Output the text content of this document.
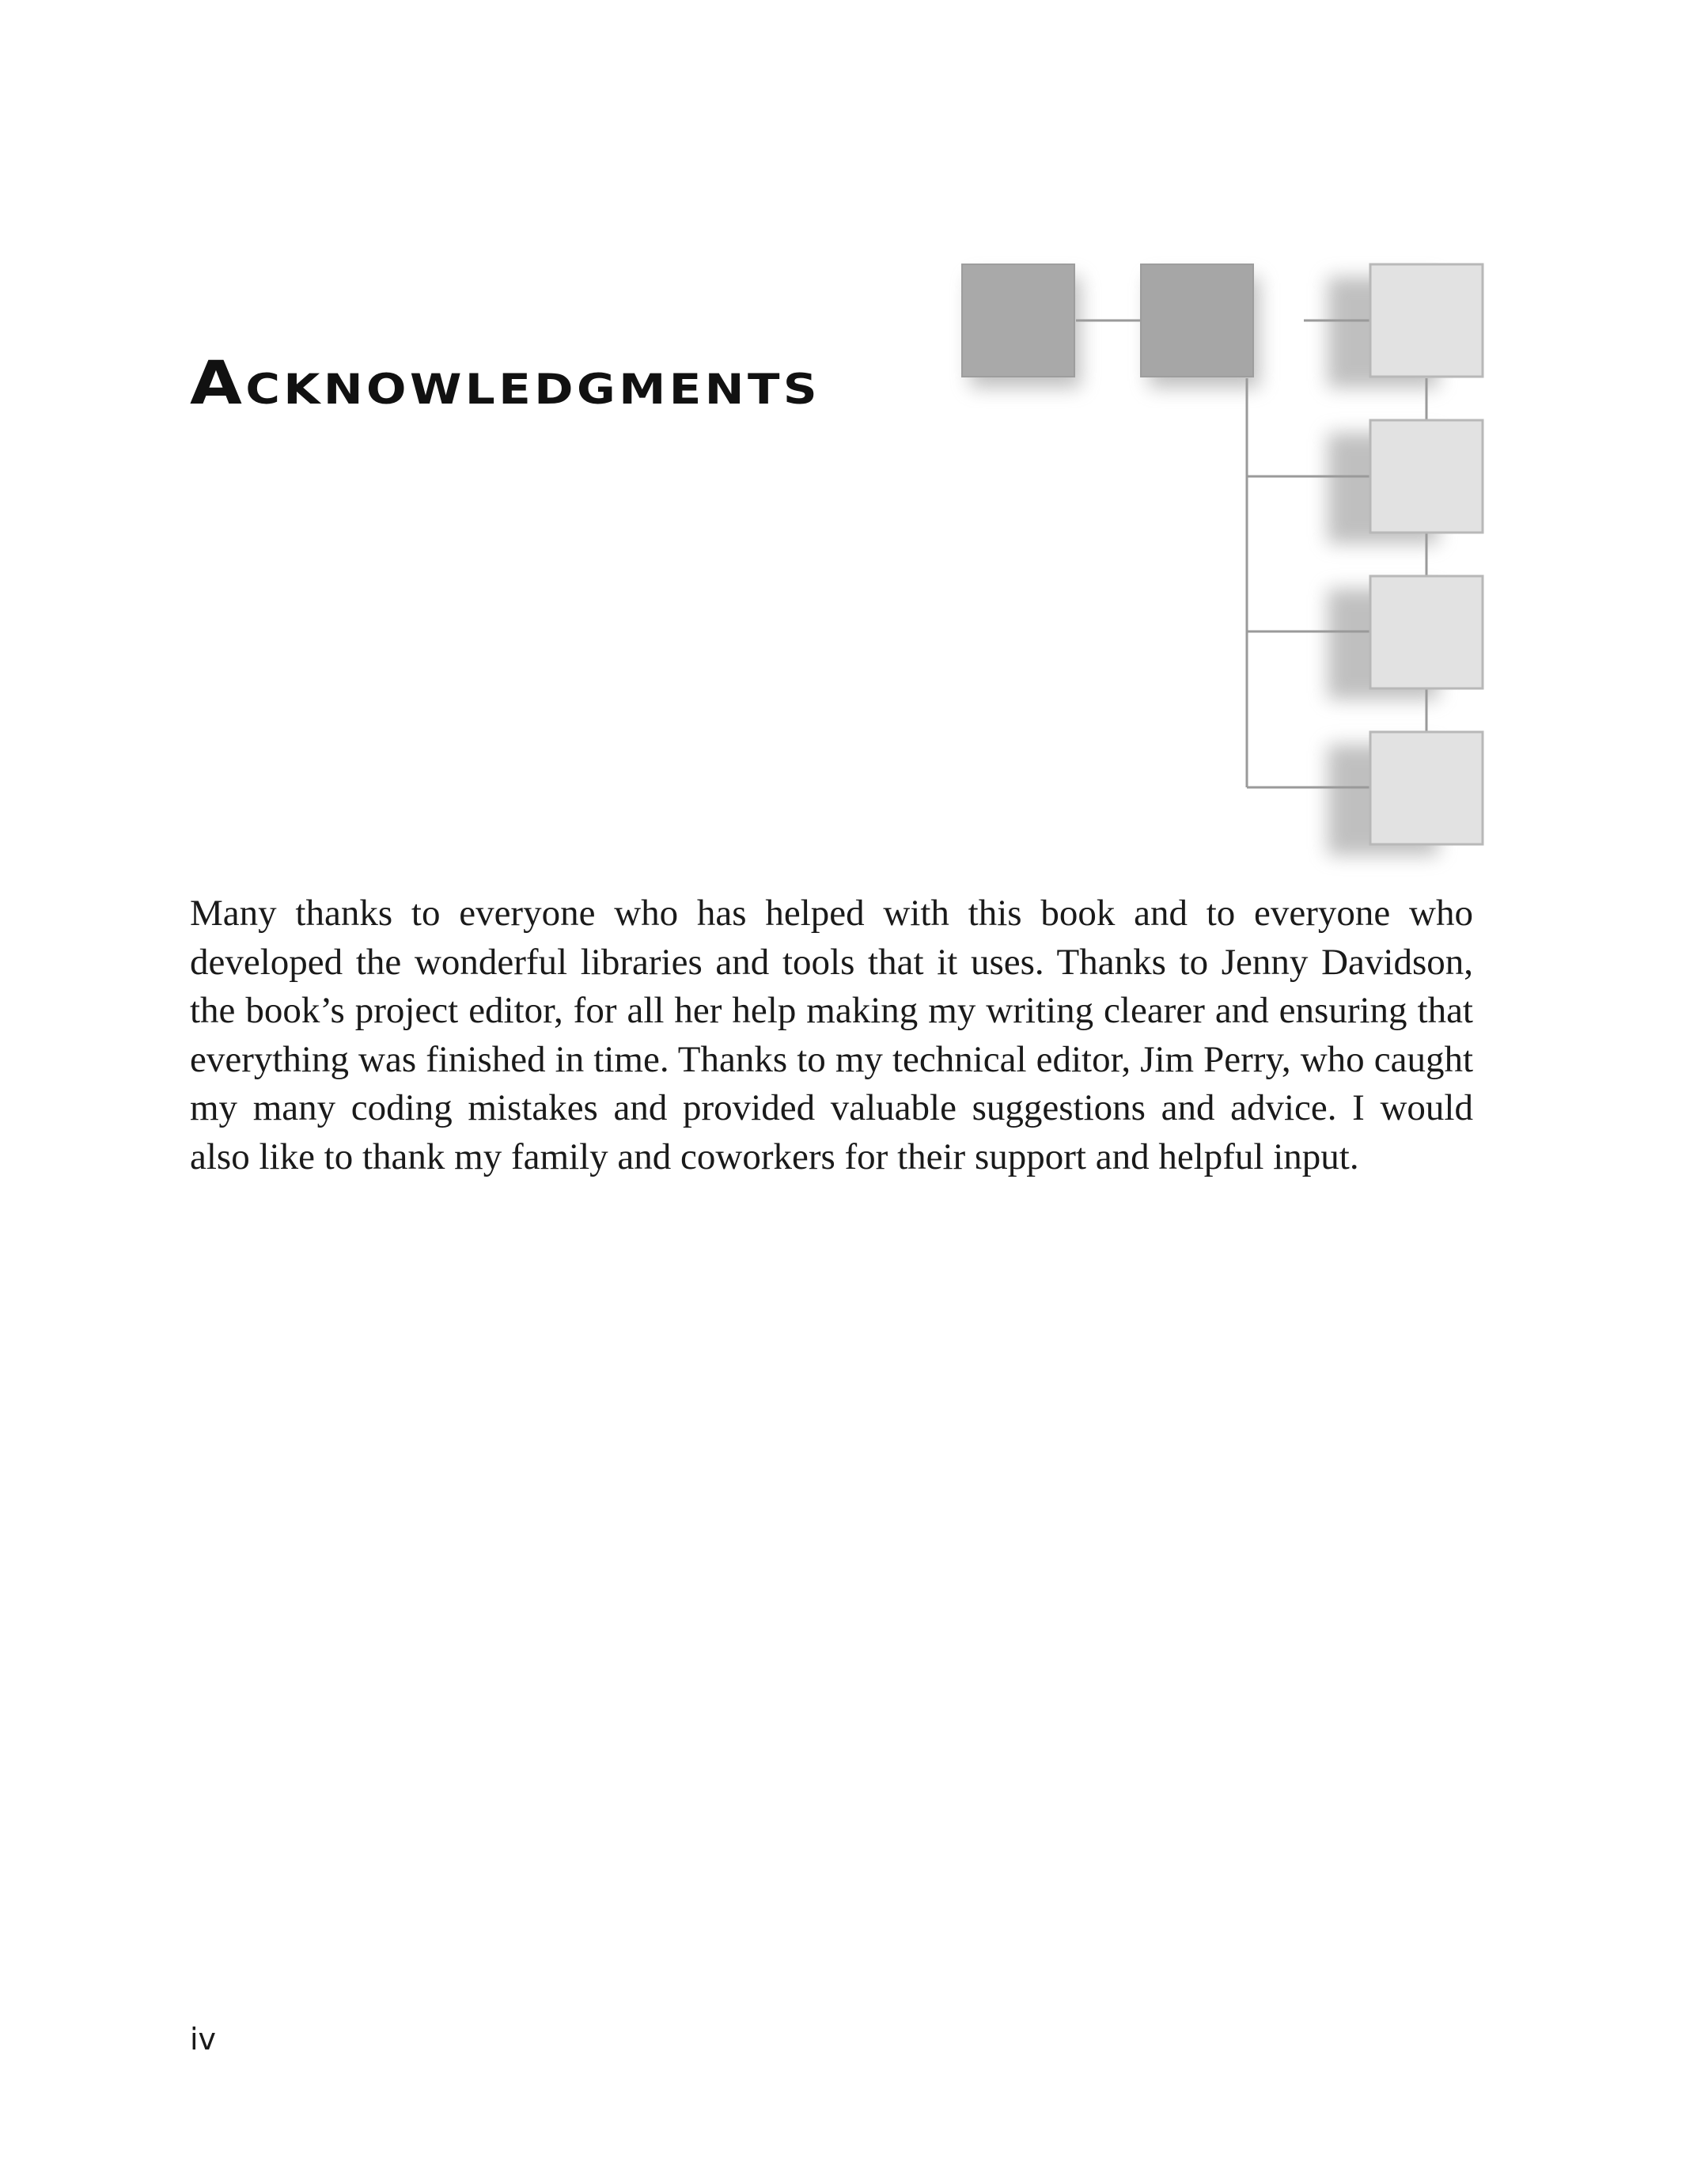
Acknowledgments

Many thanks to everyone who has helped with this book and to everyone who developed the wonderful libraries and tools that it uses. Thanks to Jenny Davidson, the book’s project editor, for all her help making my writing clearer and ensuring that everything was finished in time. Thanks to my technical editor, Jim Perry, who caught my many coding mistakes and provided valuable suggestions and advice. I would also like to thank my family and coworkers for their support and helpful input.

iv
